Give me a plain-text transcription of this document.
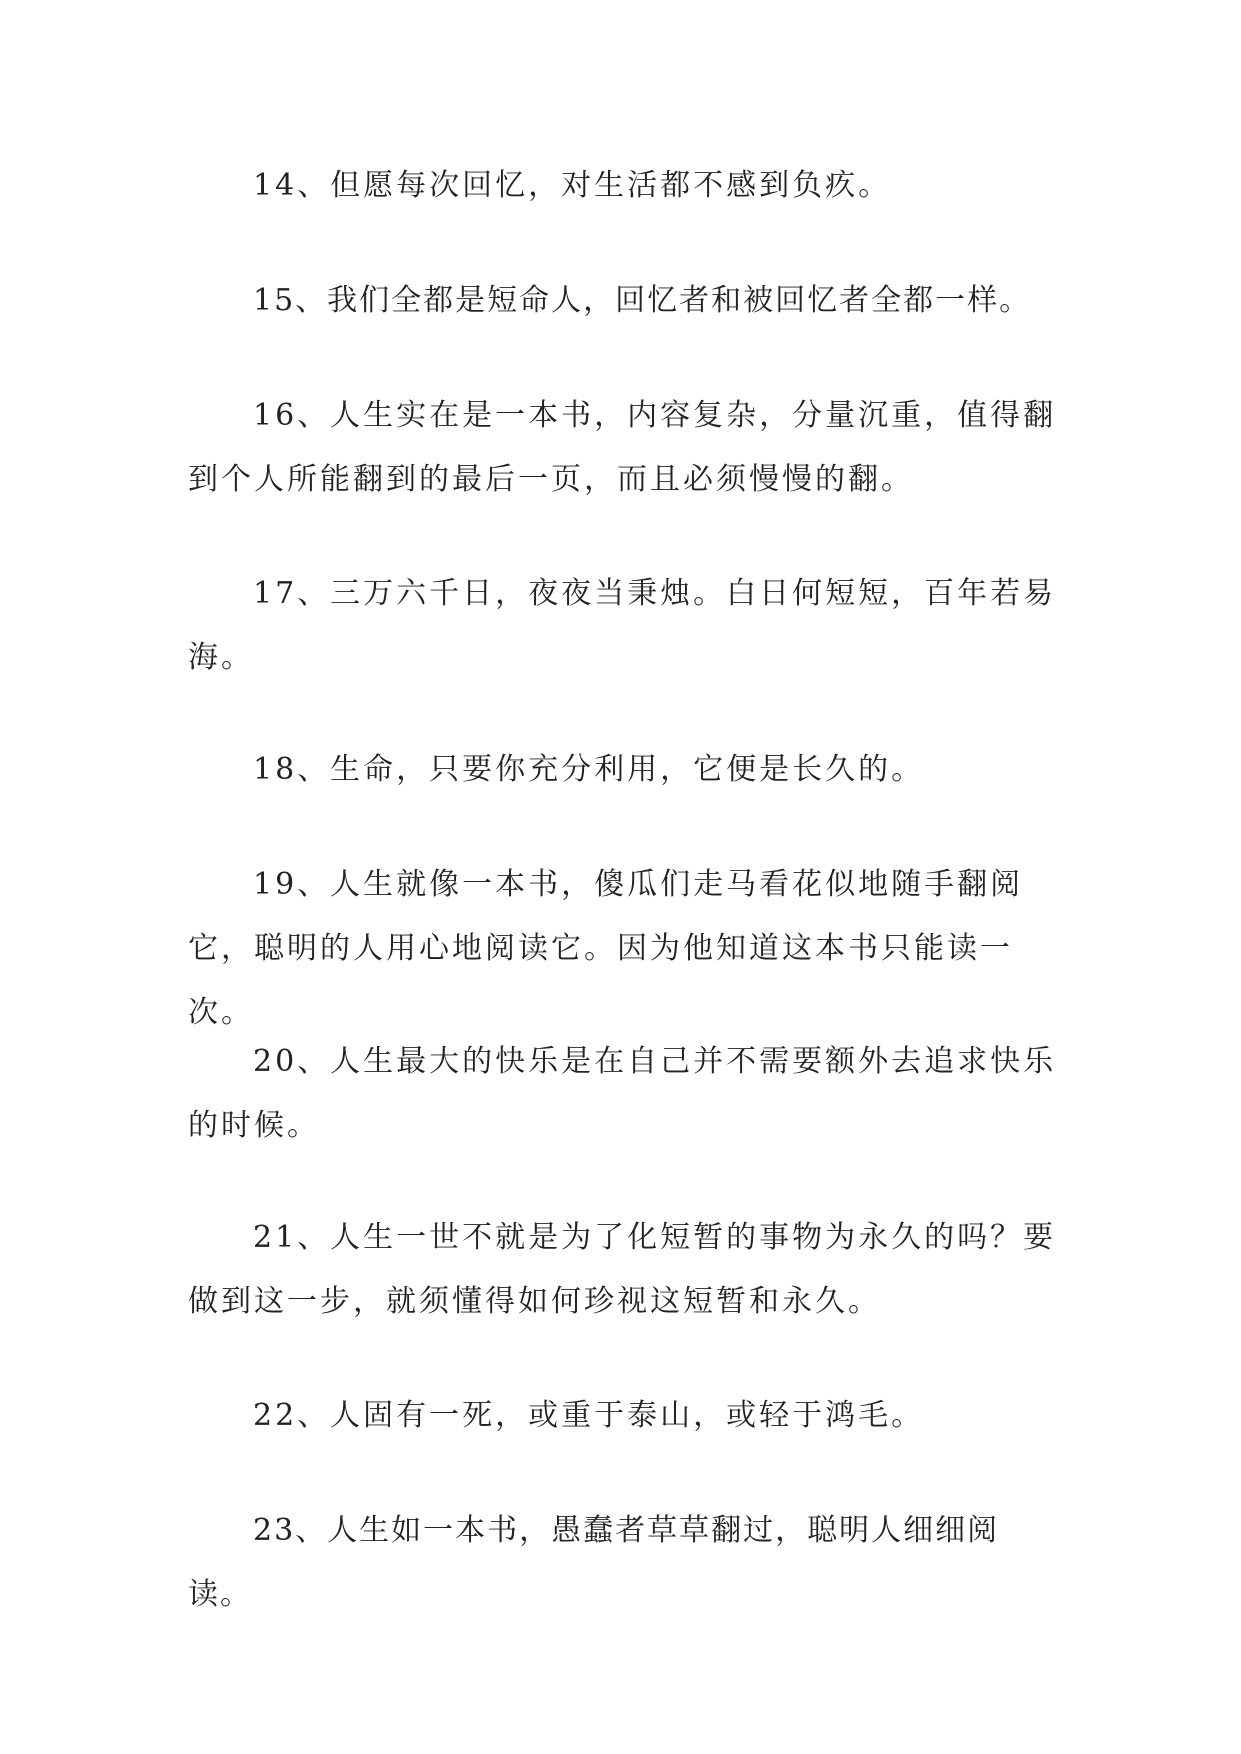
14、但愿每次回忆，对生活都不感到负疚。

15、我们全都是短命人，回忆者和被回忆者全都一样。

16、人生实在是一本书，内容复杂，分量沉重，值得翻到个人所能翻到的最后一页，而且必须慢慢的翻。

17、三万六千日，夜夜当秉烛。白日何短短，百年若易海。

18、生命，只要你充分利用，它便是长久的。

19、人生就像一本书，傻瓜们走马看花似地随手翻阅它，聪明的人用心地阅读它。因为他知道这本书只能读一次。

20、人生最大的快乐是在自己并不需要额外去追求快乐的时候。

21、人生一世不就是为了化短暂的事物为永久的吗？要做到这一步，就须懂得如何珍视这短暂和永久。

22、人固有一死，或重于泰山，或轻于鸿毛。

23、人生如一本书，愚蠢者草草翻过，聪明人细细阅读。
